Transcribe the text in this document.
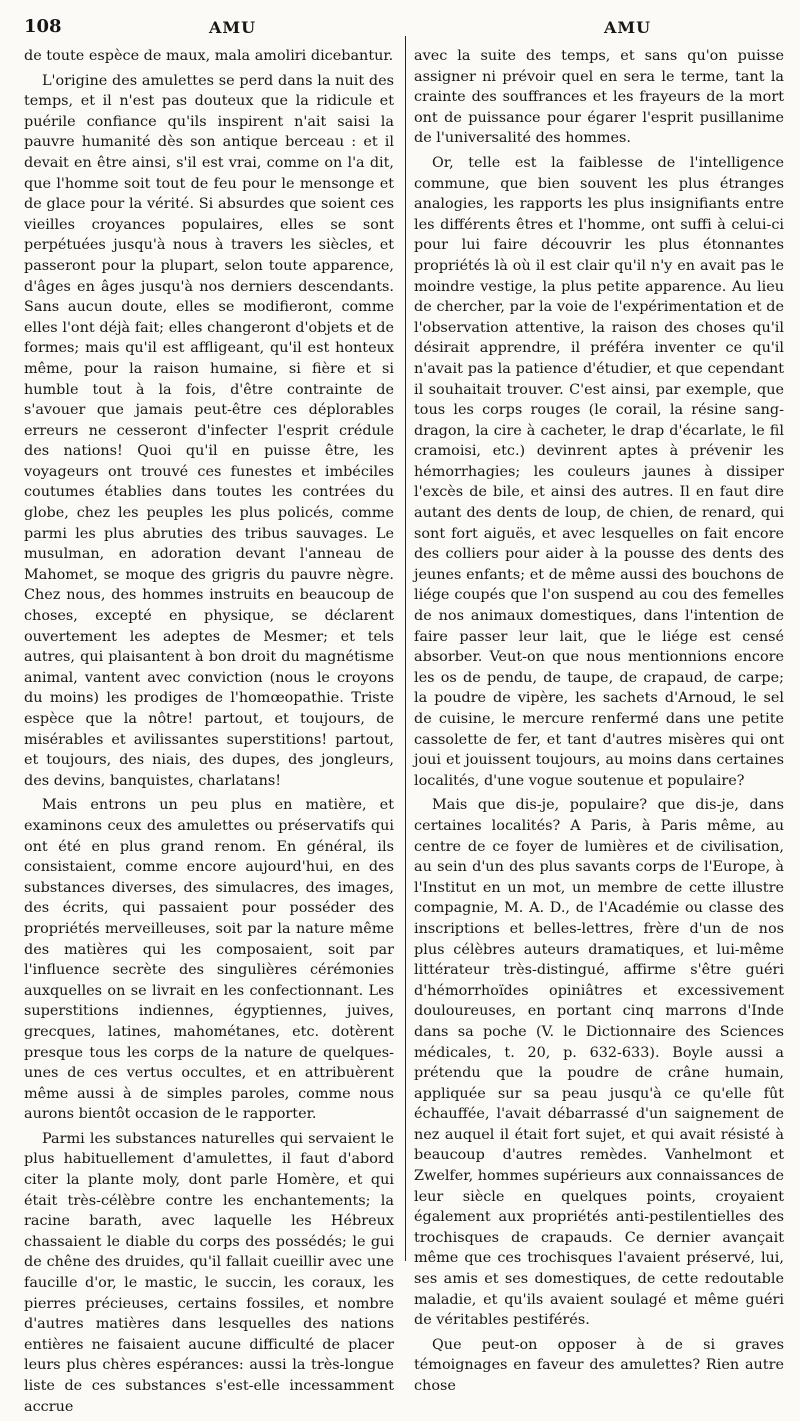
108	AMU	AMU

de toute espèce de maux, mala amoliri dicebantur.

L'origine des amulettes se perd dans la nuit des temps, et il n'est pas douteux que la ridicule et puérile confiance qu'ils inspirent n'ait saisi la pauvre humanité dès son antique berceau : et il devait en être ainsi, s'il est vrai, comme on l'a dit, que l'homme soit tout de feu pour le mensonge et de glace pour la vérité. Si absurdes que soient ces vieilles croyances populaires, elles se sont perpétuées jusqu'à nous à travers les siècles, et passeront pour la plupart, selon toute apparence, d'âges en âges jusqu'à nos derniers descendants. Sans aucun doute, elles se modifieront, comme elles l'ont déjà fait; elles changeront d'objets et de formes; mais qu'il est affligeant, qu'il est honteux même, pour la raison humaine, si fière et si humble tout à la fois, d'être contrainte de s'avouer que jamais peut-être ces déplorables erreurs ne cesseront d'infecter l'esprit crédule des nations! Quoi qu'il en puisse être, les voyageurs ont trouvé ces funestes et imbéciles coutumes établies dans toutes les contrées du globe, chez les peuples les plus policés, comme parmi les plus abruties des tribus sauvages. Le musulman, en adoration devant l'anneau de Mahomet, se moque des grigris du pauvre nègre. Chez nous, des hommes instruits en beaucoup de choses, excepté en physique, se déclarent ouvertement les adeptes de Mesmer; et tels autres, qui plaisantent à bon droit du magnétisme animal, vantent avec conviction (nous le croyons du moins) les prodiges de l'homœopathie. Triste espèce que la nôtre! partout, et toujours, de misérables et avilissantes superstitions! partout, et toujours, des niais, des dupes, des jongleurs, des devins, banquistes, charlatans!

Mais entrons un peu plus en matière, et examinons ceux des amulettes ou préservatifs qui ont été en plus grand renom. En général, ils consistaient, comme encore aujourd'hui, en des substances diverses, des simulacres, des images, des écrits, qui passaient pour posséder des propriétés merveilleuses, soit par la nature même des matières qui les composaient, soit par l'influence secrète des singulières cérémonies auxquelles on se livrait en les confectionnant. Les superstitions indiennes, égyptiennes, juives, grecques, latines, mahométanes, etc. dotèrent presque tous les corps de la nature de quelques-unes de ces vertus occultes, et en attribuèrent même aussi à de simples paroles, comme nous aurons bientôt occasion de le rapporter.

Parmi les substances naturelles qui servaient le plus habituellement d'amulettes, il faut d'abord citer la plante moly, dont parle Homère, et qui était très-célèbre contre les enchantements; la racine barath, avec laquelle les Hébreux chassaient le diable du corps des possédés; le gui de chêne des druides, qu'il fallait cueillir avec une faucille d'or, le mastic, le succin, les coraux, les pierres précieuses, certains fossiles, et nombre d'autres matières dans lesquelles des nations entières ne faisaient aucune difficulté de placer leurs plus chères espérances: aussi la très-longue liste de ces substances s'est-elle incessamment accrue

avec la suite des temps, et sans qu'on puisse assigner ni prévoir quel en sera le terme, tant la crainte des souffrances et les frayeurs de la mort ont de puissance pour égarer l'esprit pusillanime de l'universalité des hommes.

Or, telle est la faiblesse de l'intelligence commune, que bien souvent les plus étranges analogies, les rapports les plus insignifiants entre les différents êtres et l'homme, ont suffi à celui-ci pour lui faire découvrir les plus étonnantes propriétés là où il est clair qu'il n'y en avait pas le moindre vestige, la plus petite apparence. Au lieu de chercher, par la voie de l'expérimentation et de l'observation attentive, la raison des choses qu'il désirait apprendre, il préféra inventer ce qu'il n'avait pas la patience d'étudier, et que cependant il souhaitait trouver. C'est ainsi, par exemple, que tous les corps rouges (le corail, la résine sang-dragon, la cire à cacheter, le drap d'écarlate, le fil cramoisi, etc.) devinrent aptes à prévenir les hémorrhagies; les couleurs jaunes à dissiper l'excès de bile, et ainsi des autres. Il en faut dire autant des dents de loup, de chien, de renard, qui sont fort aiguës, et avec lesquelles on fait encore des colliers pour aider à la pousse des dents des jeunes enfants; et de même aussi des bouchons de liége coupés que l'on suspend au cou des femelles de nos animaux domestiques, dans l'intention de faire passer leur lait, que le liége est censé absorber. Veut-on que nous mentionnions encore les os de pendu, de taupe, de crapaud, de carpe; la poudre de vipère, les sachets d'Arnoud, le sel de cuisine, le mercure renfermé dans une petite cassolette de fer, et tant d'autres misères qui ont joui et jouissent toujours, au moins dans certaines localités, d'une vogue soutenue et populaire?

Mais que dis-je, populaire? que dis-je, dans certaines localités? A Paris, à Paris même, au centre de ce foyer de lumières et de civilisation, au sein d'un des plus savants corps de l'Europe, à l'Institut en un mot, un membre de cette illustre compagnie, M. A. D., de l'Académie ou classe des inscriptions et belles-lettres, frère d'un de nos plus célèbres auteurs dramatiques, et lui-même littérateur très-distingué, affirme s'être guéri d'hémorrhoïdes opiniâtres et excessivement douloureuses, en portant cinq marrons d'Inde dans sa poche (V. le Dictionnaire des Sciences médicales, t. 20, p. 632-633). Boyle aussi a prétendu que la poudre de crâne humain, appliquée sur sa peau jusqu'à ce qu'elle fût échauffée, l'avait débarrassé d'un saignement de nez auquel il était fort sujet, et qui avait résisté à beaucoup d'autres remèdes. Vanhelmont et Zwelfer, hommes supérieurs aux connaissances de leur siècle en quelques points, croyaient également aux propriétés anti-pestilentielles des trochisques de crapauds. Ce dernier avançait même que ces trochisques l'avaient préservé, lui, ses amis et ses domestiques, de cette redoutable maladie, et qu'ils avaient soulagé et même guéri de véritables pestiférés.

Que peut-on opposer à de si graves témoignages en faveur des amulettes? Rien autre chose
